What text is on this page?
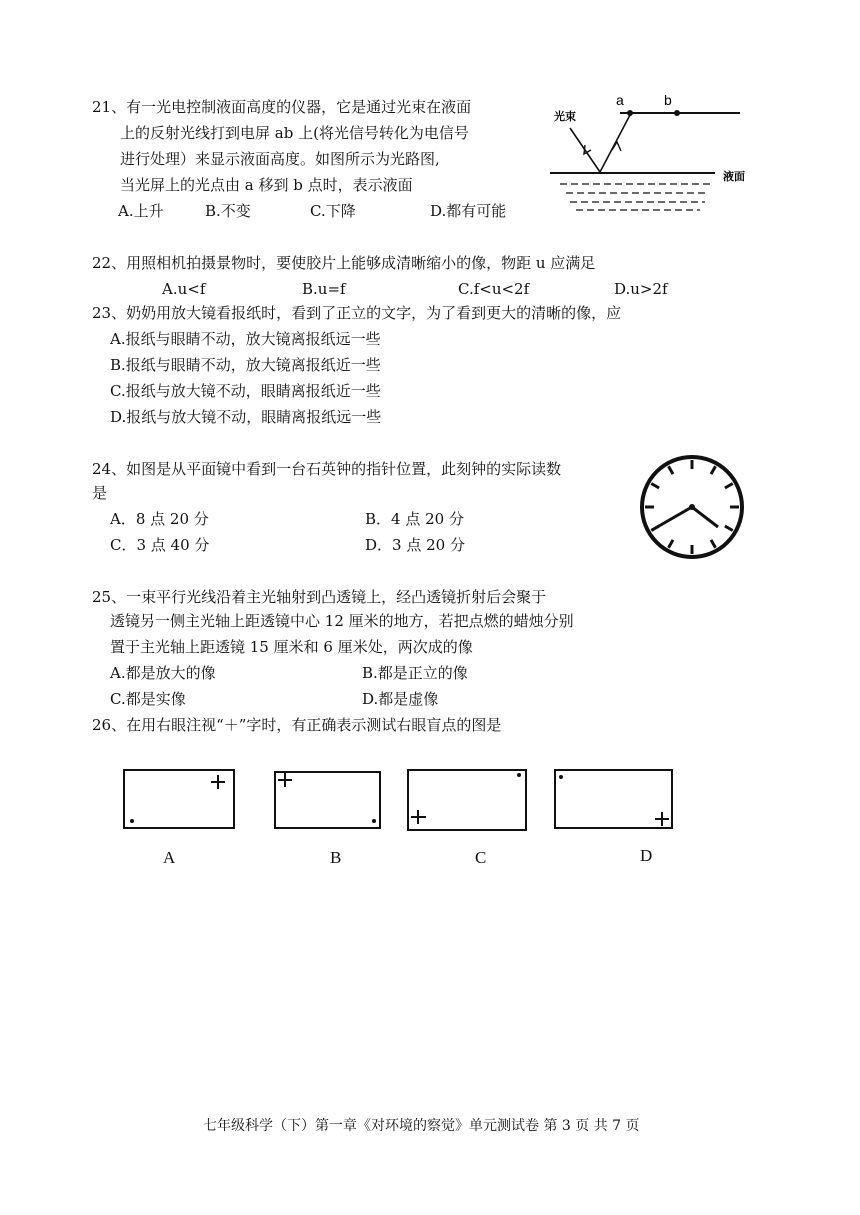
21、有一光电控制液面高度的仪器，它是通过光束在液面
上的反射光线打到电屏 ab 上(将光信号转化为电信号
进行处理）来显示液面高度。如图所示为光路图,
当光屏上的光点由 a 移到 b 点时，表示液面
A.上升	B.不变	C.下降	D.都有可能
a	b
光束
液面
22、用照相机拍摄景物时，要使胶片上能够成清晰缩小的像，物距 u 应满足
A.u<f	B.u=f	C.f<u<2f	D.u>2f
23、奶奶用放大镜看报纸时，看到了正立的文字，为了看到更大的清晰的像，应
A.报纸与眼睛不动，放大镜离报纸远一些
B.报纸与眼睛不动，放大镜离报纸近一些
C.报纸与放大镜不动，眼睛离报纸近一些
D.报纸与放大镜不动，眼睛离报纸远一些
24、如图是从平面镜中看到一台石英钟的指针位置，此刻钟的实际读数
是
A．8 点 20 分	B．4 点 20 分
C．3 点 40 分	D．3 点 20 分
25、一束平行光线沿着主光轴射到凸透镜上，经凸透镜折射后会聚于
透镜另一侧主光轴上距透镜中心 12 厘米的地方，若把点燃的蜡烛分别
置于主光轴上距透镜 15 厘米和 6 厘米处，两次成的像
A.都是放大的像	B.都是正立的像
C.都是实像	D.都是虚像
26、在用右眼注视“＋”字时，有正确表示测试右眼盲点的图是
A	B	C	D
七年级科学（下）第一章《对环境的察觉》单元测试卷 第 3 页 共 7 页
